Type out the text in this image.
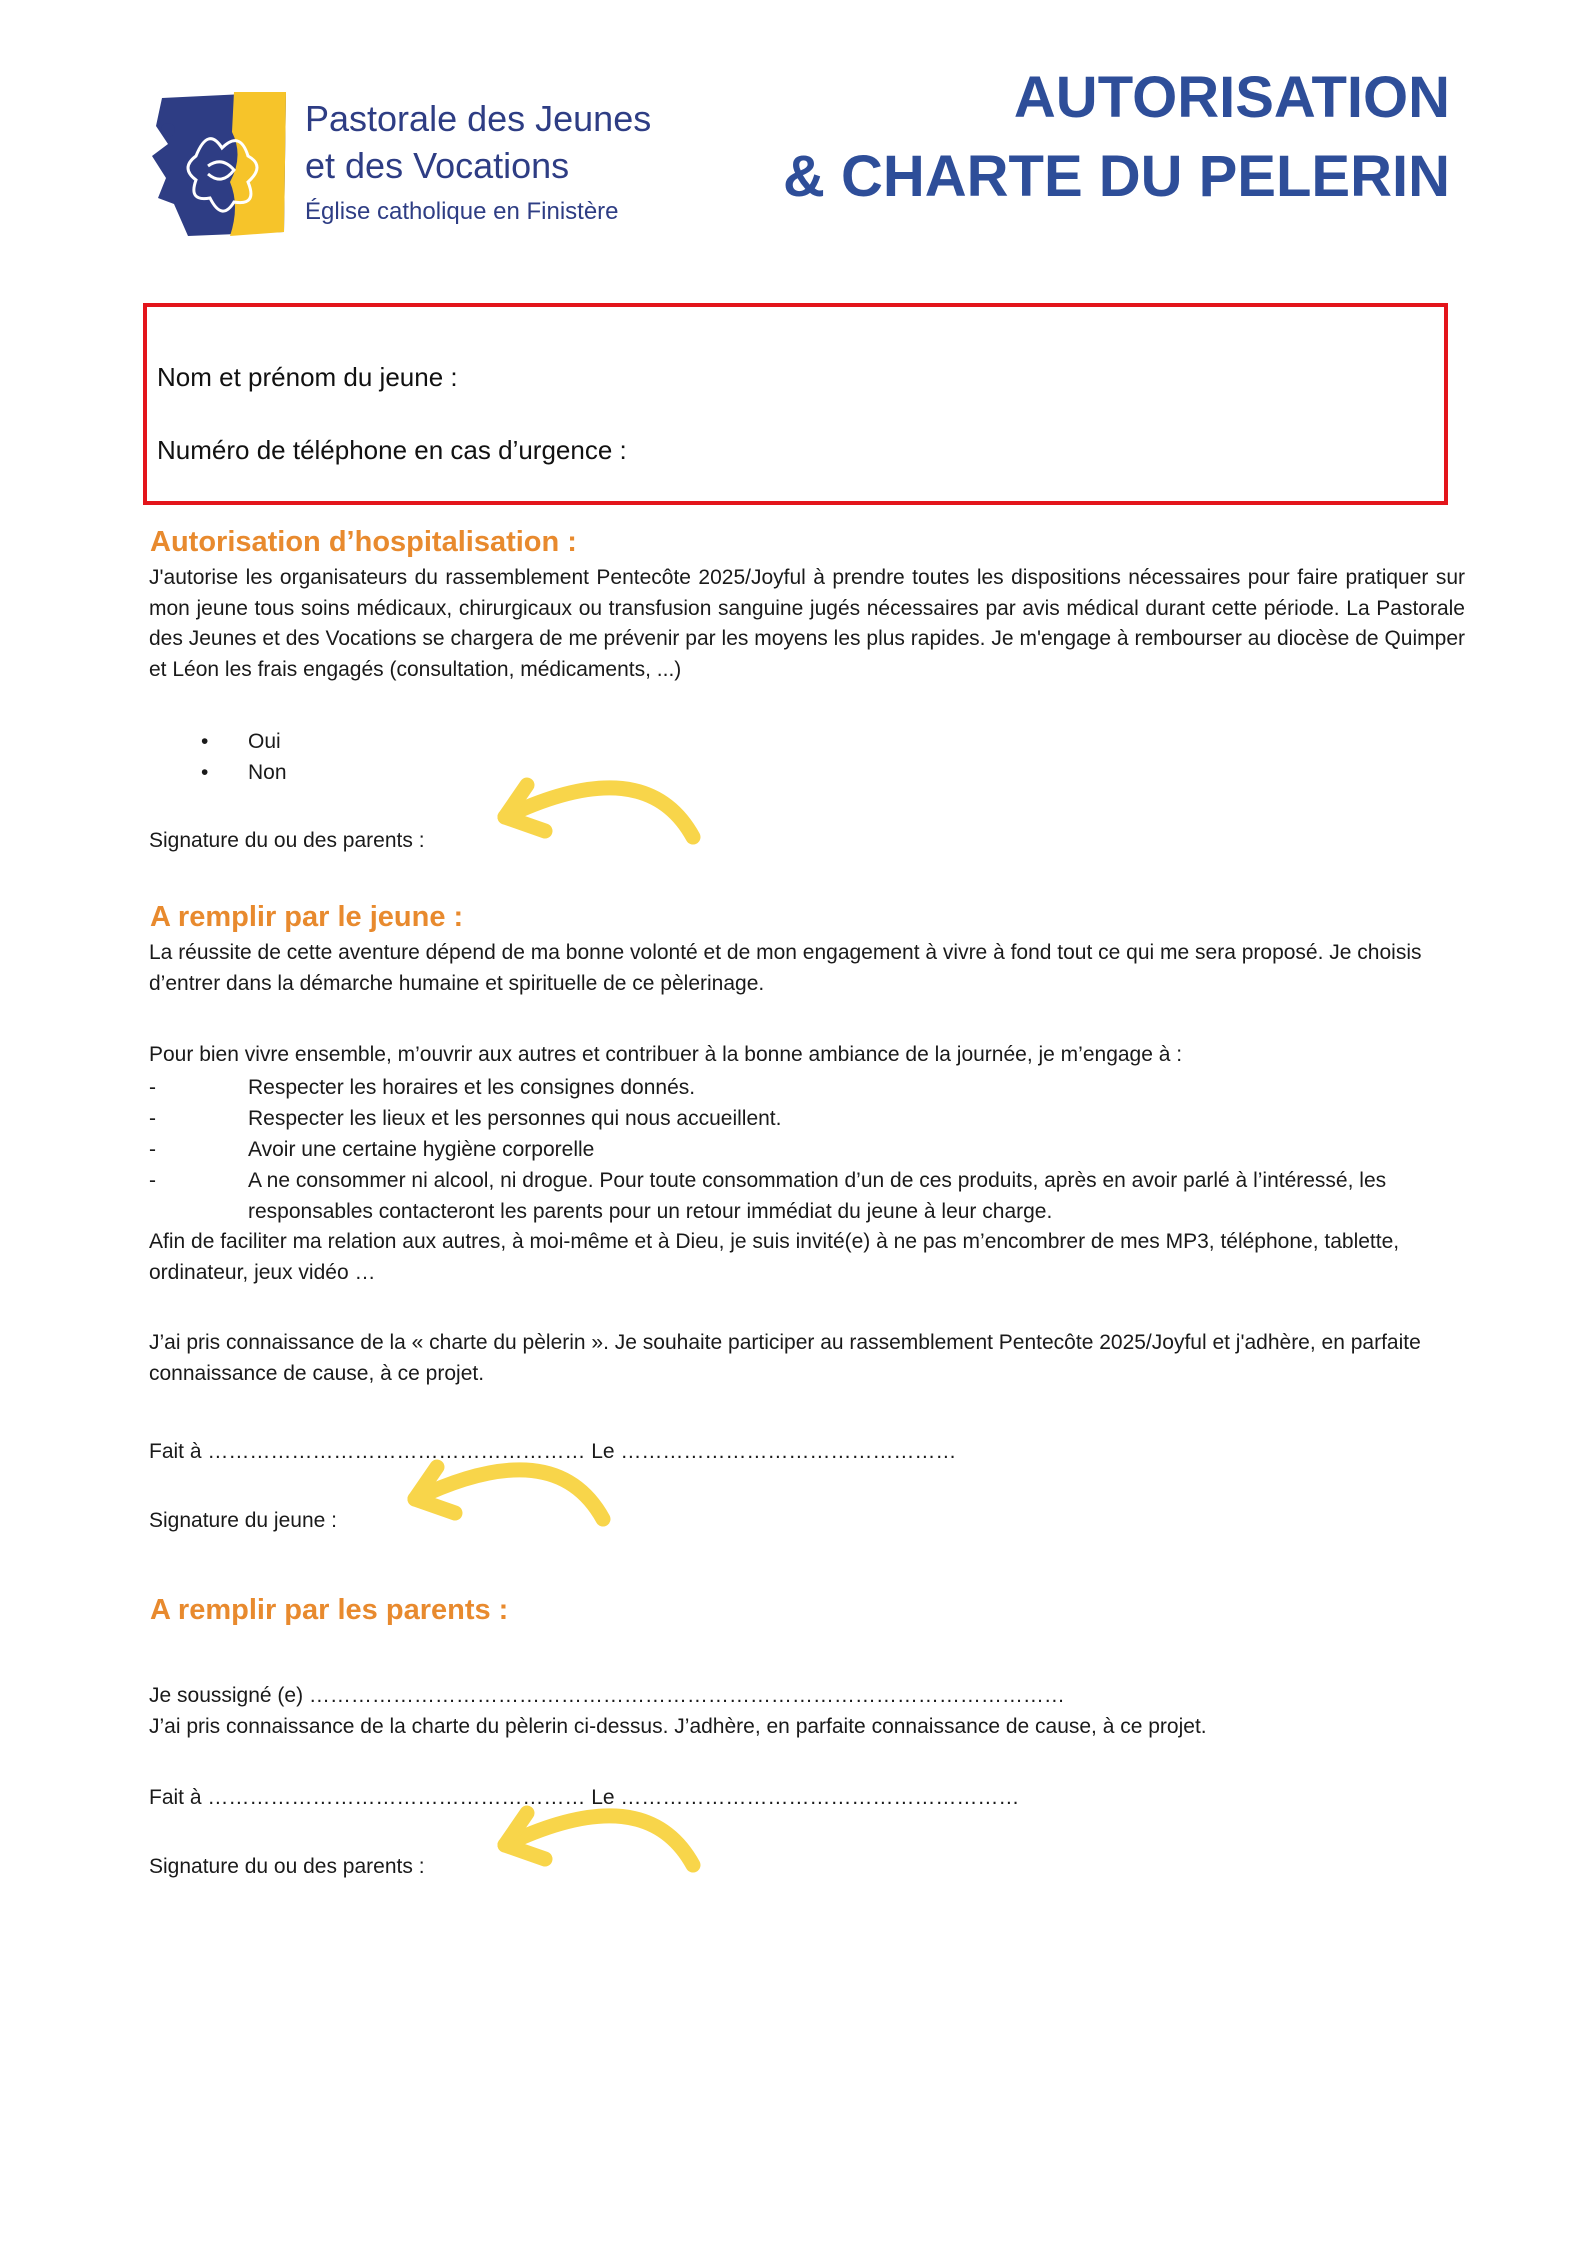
Pastorale des Jeunes
et des Vocations
Église catholique en Finistère
AUTORISATION
& CHARTE DU PELERIN
Nom et prénom du jeune :
Numéro de téléphone en cas d’urgence :
Autorisation d’hospitalisation :
J'autorise les organisateurs du rassemblement Pentecôte 2025/Joyful à prendre toutes les dispositions nécessaires pour faire pratiquer sur mon jeune tous soins médicaux, chirurgicaux ou transfusion sanguine jugés nécessaires par avis médical durant cette période. La Pastorale des Jeunes et des Vocations se chargera de me prévenir par les moyens les plus rapides. Je m'engage à rembourser au diocèse de Quimper et Léon les frais engagés (consultation, médicaments, ...)
• Oui
• Non
Signature du ou des parents :
A remplir par le jeune :
La réussite de cette aventure dépend de ma bonne volonté et de mon engagement à vivre à fond tout ce qui me sera proposé. Je choisis d’entrer dans la démarche humaine et spirituelle de ce pèlerinage.
Pour bien vivre ensemble, m’ouvrir aux autres et contribuer à la bonne ambiance de la journée, je m’engage à :
- Respecter les horaires et les consignes donnés.
- Respecter les lieux et les personnes qui nous accueillent.
- Avoir une certaine hygiène corporelle
- A ne consommer ni alcool, ni drogue. Pour toute consommation d’un de ces produits, après en avoir parlé à l’intéressé, les responsables contacteront les parents pour un retour immédiat du jeune à leur charge.
Afin de faciliter ma relation aux autres, à moi-même et à Dieu, je suis invité(e) à ne pas m’encombrer de mes MP3, téléphone, tablette, ordinateur, jeux vidéo …
J’ai pris connaissance de la « charte du pèlerin ». Je souhaite participer au rassemblement Pentecôte 2025/Joyful et j'adhère, en parfaite connaissance de cause, à ce projet.
Fait à ……………………………………………… Le …………………………………………
Signature du jeune :
A remplir par les parents :
Je soussigné (e) ………………………………………………………………………………………………
J’ai pris connaissance de la charte du pèlerin ci-dessus. J’adhère, en parfaite connaissance de cause, à ce projet.
Fait à ……………………………………………… Le …………………………………………………
Signature du ou des parents :
